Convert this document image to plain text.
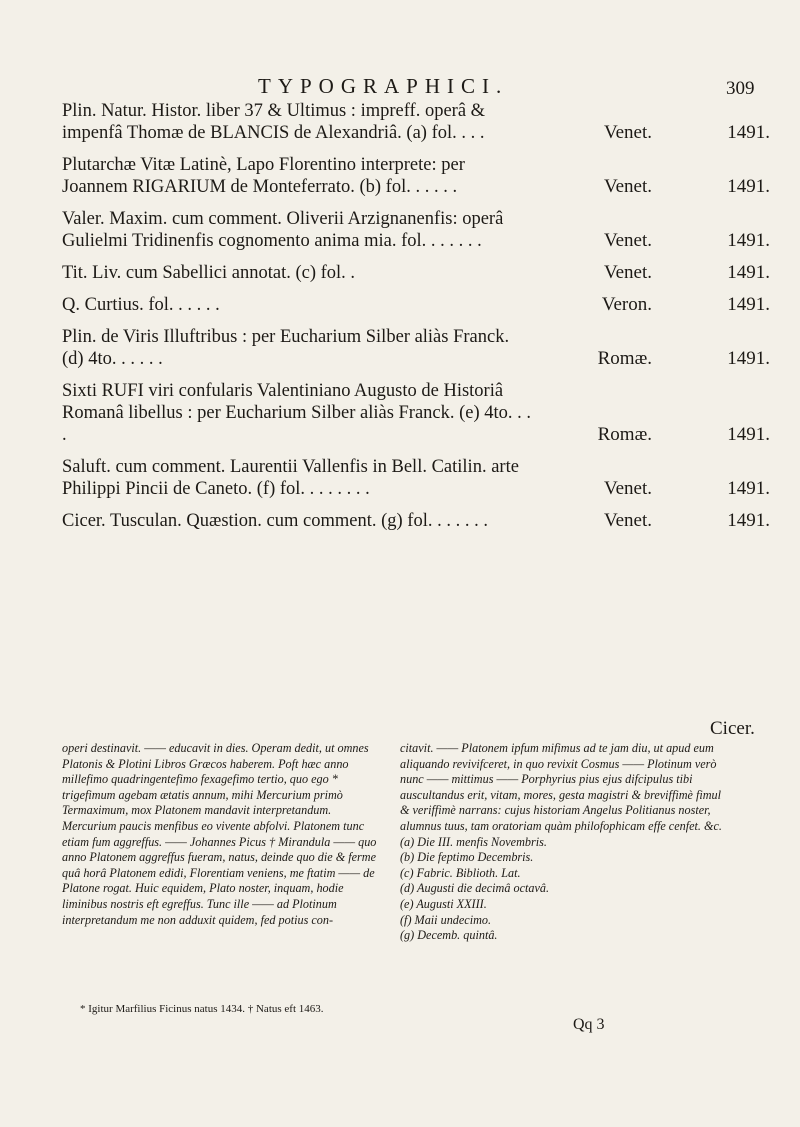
TYPOGRAPHICI.	309
Plin. Natur. Histor. liber 37 & Ultimus : impreff. operâ & impenfâ Thomæ de BLANCIS de Alexandriâ. (a) fol. . . .	Venet.	1491.
Plutarchæ Vitæ Latinè, Lapo Florentino interprete: per Joannem RIGARIUM de Monteferrato. (b) fol. . . . . .	Venet.	1491.
Valer. Maxim. cum comment. Oliverii Arzignanenfis: operâ Gulielmi Tridinenfis cognomento anima mia. fol. . . . . . .	Venet.	1491.
Tit. Liv. cum Sabellici annotat. (c) fol. .	Venet.	1491.
Q. Curtius. fol. . . . . .	Veron.	1491.
Plin. de Viris Illuftribus : per Eucharium Silber aliàs Franck. (d) 4to. . . . . .	Romæ.	1491.
Sixti RUFI viri confularis Valentiniano Augusto de Historiâ Romanâ libellus : per Eucharium Silber aliàs Franck. (e) 4to. . . .	Romæ.	1491.
Saluft. cum comment. Laurentii Vallenfis in Bell. Catilin. arte Philippi Pincii de Caneto. (f) fol. . . . . . . .	Venet.	1491.
Cicer. Tusculan. Quæstion. cum comment. (g) fol. . . . . . .	Venet.	1491.
Cicer.

operi destinavit. —— educavit in dies. Operam dedit, ut omnes Platonis & Plotini Libros Græcos haberem. Poft hæc anno millefimo quadringentefimo fexagefimo tertio, quo ego * trigefimum agebam ætatis annum, mihi Mercurium primò Termaximum, mox Platonem mandavit interpretandum. Mercurium paucis menfibus eo vivente abfolvi. Platonem tunc etiam fum aggreffus. —— Johannes Picus † Mirandula —— quo anno Platonem aggreffus fueram, natus, deinde quo die & ferme quâ horâ Platonem edidi, Florentiam veniens, me ftatim —— de Platone rogat. Huic equidem, Plato noster, inquam, hodie liminibus nostris eft egreffus. Tunc ille —— ad Plotinum interpretandum me non adduxit quidem, fed potius con-

citavit. —— Platonem ipfum mifimus ad te jam diu, ut apud eum aliquando revivifceret, in quo revixit Cosmus —— Plotinum verò nunc —— mittimus —— Porphyrius pius ejus difcipulus tibi auscultandus erit, vitam, mores, gesta magistri & breviffimè fimul & veriffimè narrans: cujus historiam Angelus Politianus noster, alumnus tuus, tam oratoriam quàm philofophicam effe cenfet. &c.

(a) Die III. menfis Novembris.
(b) Die feptimo Decembris.
(c) Fabric. Biblioth. Lat.
(d) Augusti die decimâ octavâ.
(e) Augusti XXIII.
(f) Maii undecimo.
(g) Decemb. quintâ.
* Igitur Marfilius Ficinus natus 1434. † Natus eft 1463.
Qq 3
